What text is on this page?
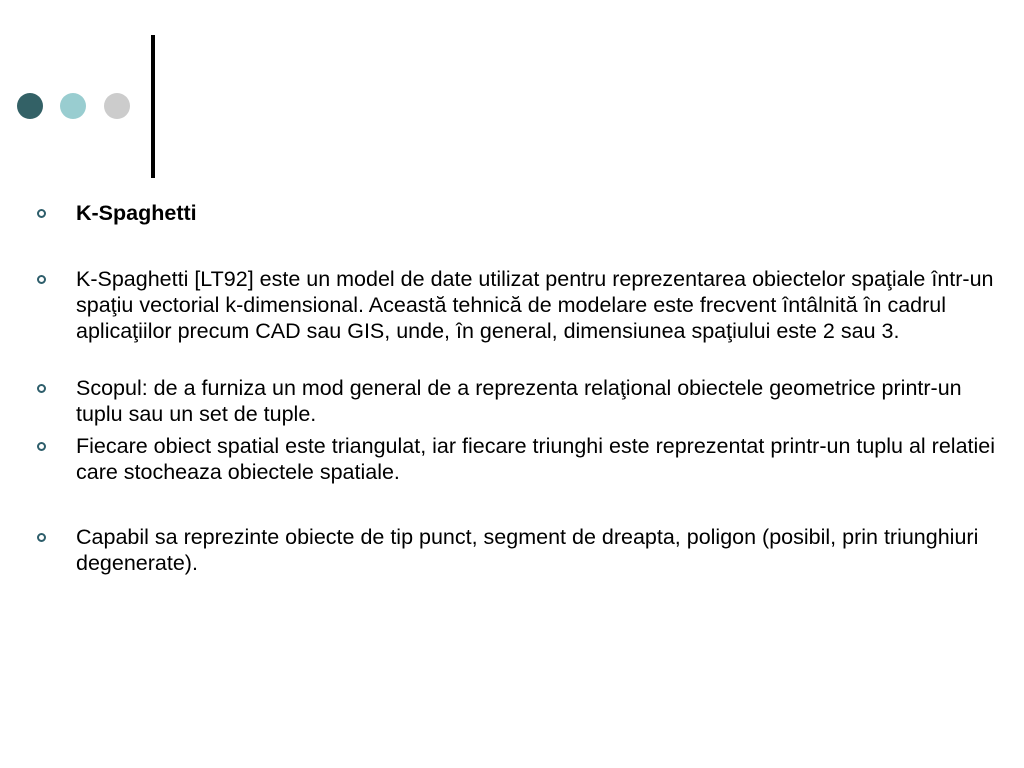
K-Spaghetti
K-Spaghetti [LT92] este un model de date utilizat pentru reprezentarea obiectelor spaţiale într-un spaţiu vectorial k-dimensional. Această tehnică de modelare este frecvent întâlnită în cadrul aplicaţiilor precum CAD sau GIS, unde, în general, dimensiunea spaţiului este 2 sau 3.
Scopul: de a furniza un mod general de a reprezenta relaţional obiectele geometrice printr-un tuplu sau un set de tuple.
Fiecare obiect spatial este triangulat, iar fiecare triunghi este reprezentat printr-un tuplu al relatiei care stocheaza obiectele spatiale.
Capabil sa reprezinte obiecte de tip punct, segment de dreapta, poligon (posibil, prin triunghiuri degenerate).
